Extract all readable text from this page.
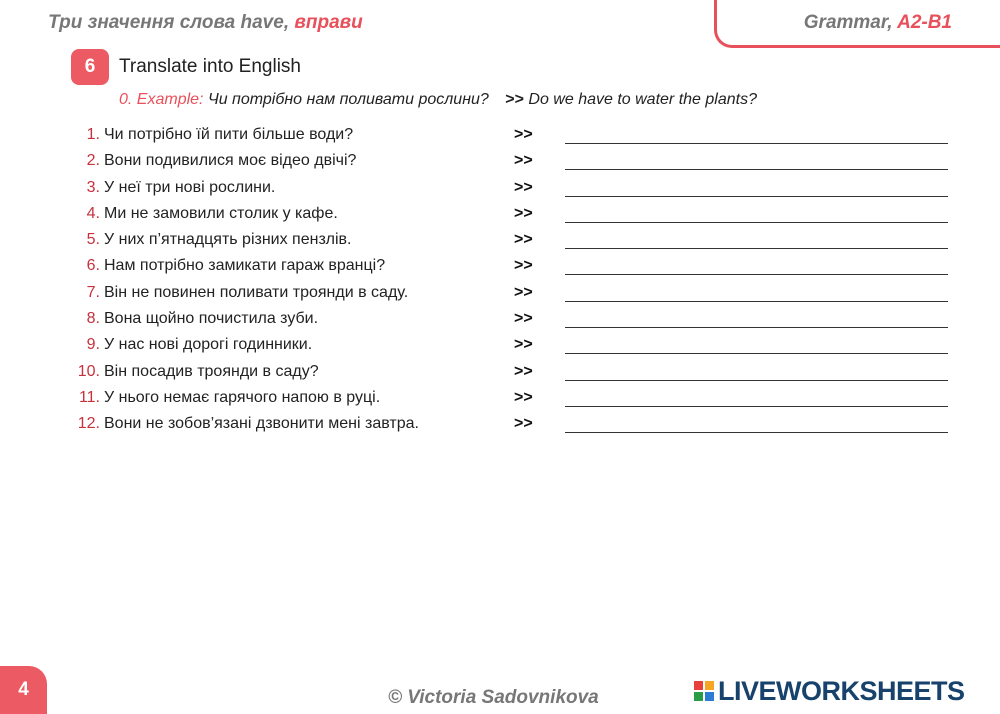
Три значення слова have, вправи	Grammar, A2-B1
6	Translate into English
0. Example: Чи потрібно нам поливати рослини? >> Do we have to water the plants?
1. Чи потрібно їй пити більше води?	>>
2. Вони подивилися моє відео двічі?	>>
3. У неї три нові рослини.	>>
4. Ми не замовили столик у кафе.	>>
5. У них п’ятнадцять різних пензлів.	>>
6. Нам потрібно замикати гараж вранці?	>>
7. Він не повинен поливати троянди в саду.	>>
8. Вона щойно почистила зуби.	>>
9. У нас нові дорогі годинники.	>>
10. Він посадив троянди в саду?	>>
11. У нього немає гарячого напою в руці.	>>
12. Вони не зобов’язані дзвонити мені завтра.	>>
4	© Victoria Sadovnikova	LIVEWORKSHEETS
